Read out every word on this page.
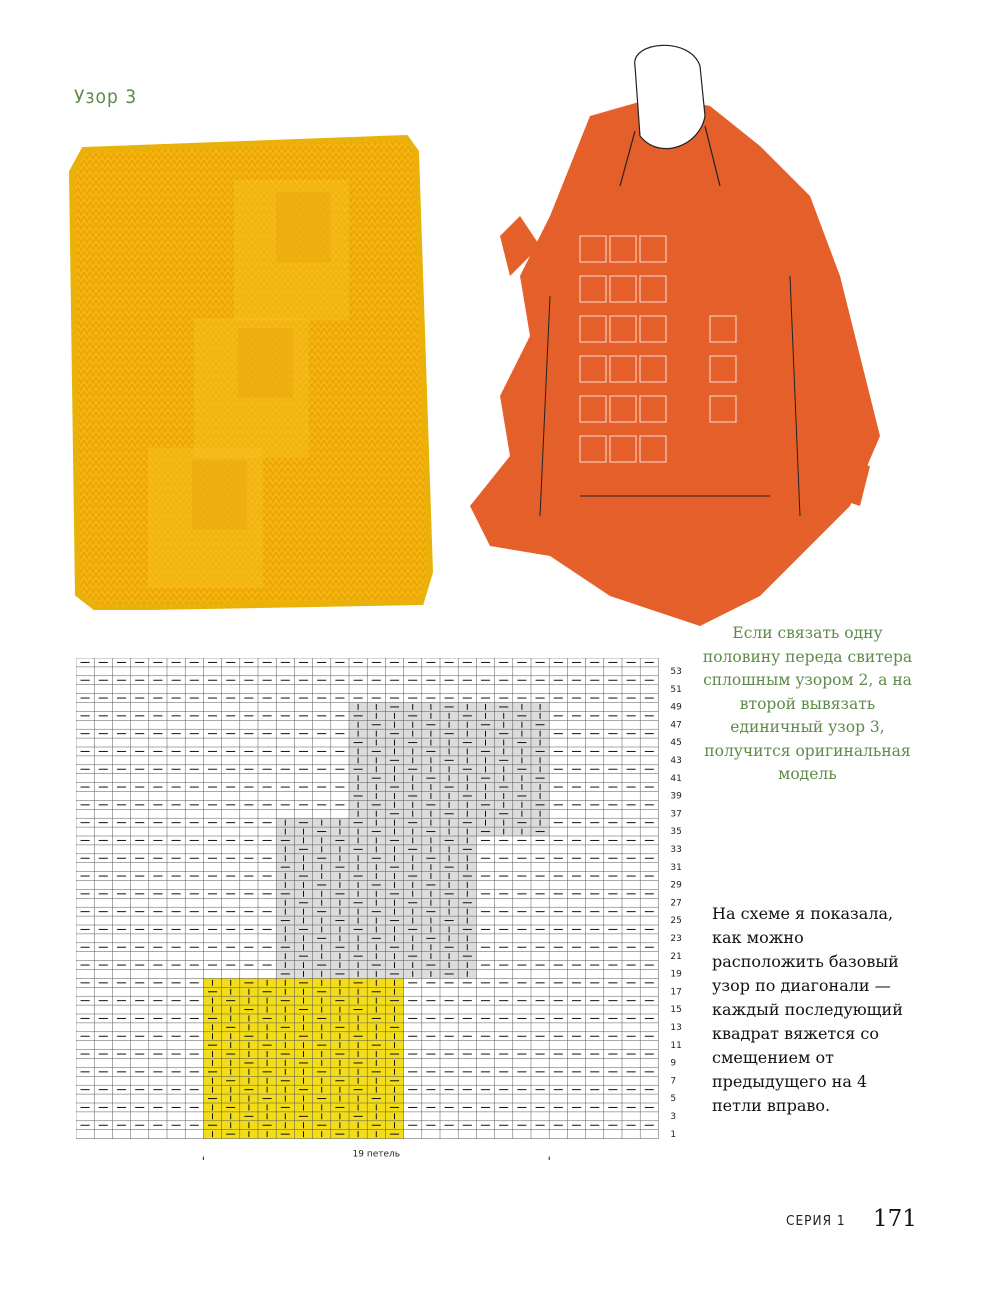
Узор 3
Если связать одну половину переда свитера сплошным узором 2, а на второй вывязать единичный узор 3, получится оригинальная модель
1
3
5
7
9
11
13
15
17
19
21
23
25
27
29
31
33
35
37
39
41
43
45
47
49
51
53
19 петель
На схеме я показала, как можно расположить базовый узор по диагонали — каждый последующий квадрат вяжется со смещением от предыдущего на 4 петли вправо.
СЕРИЯ 1 171
